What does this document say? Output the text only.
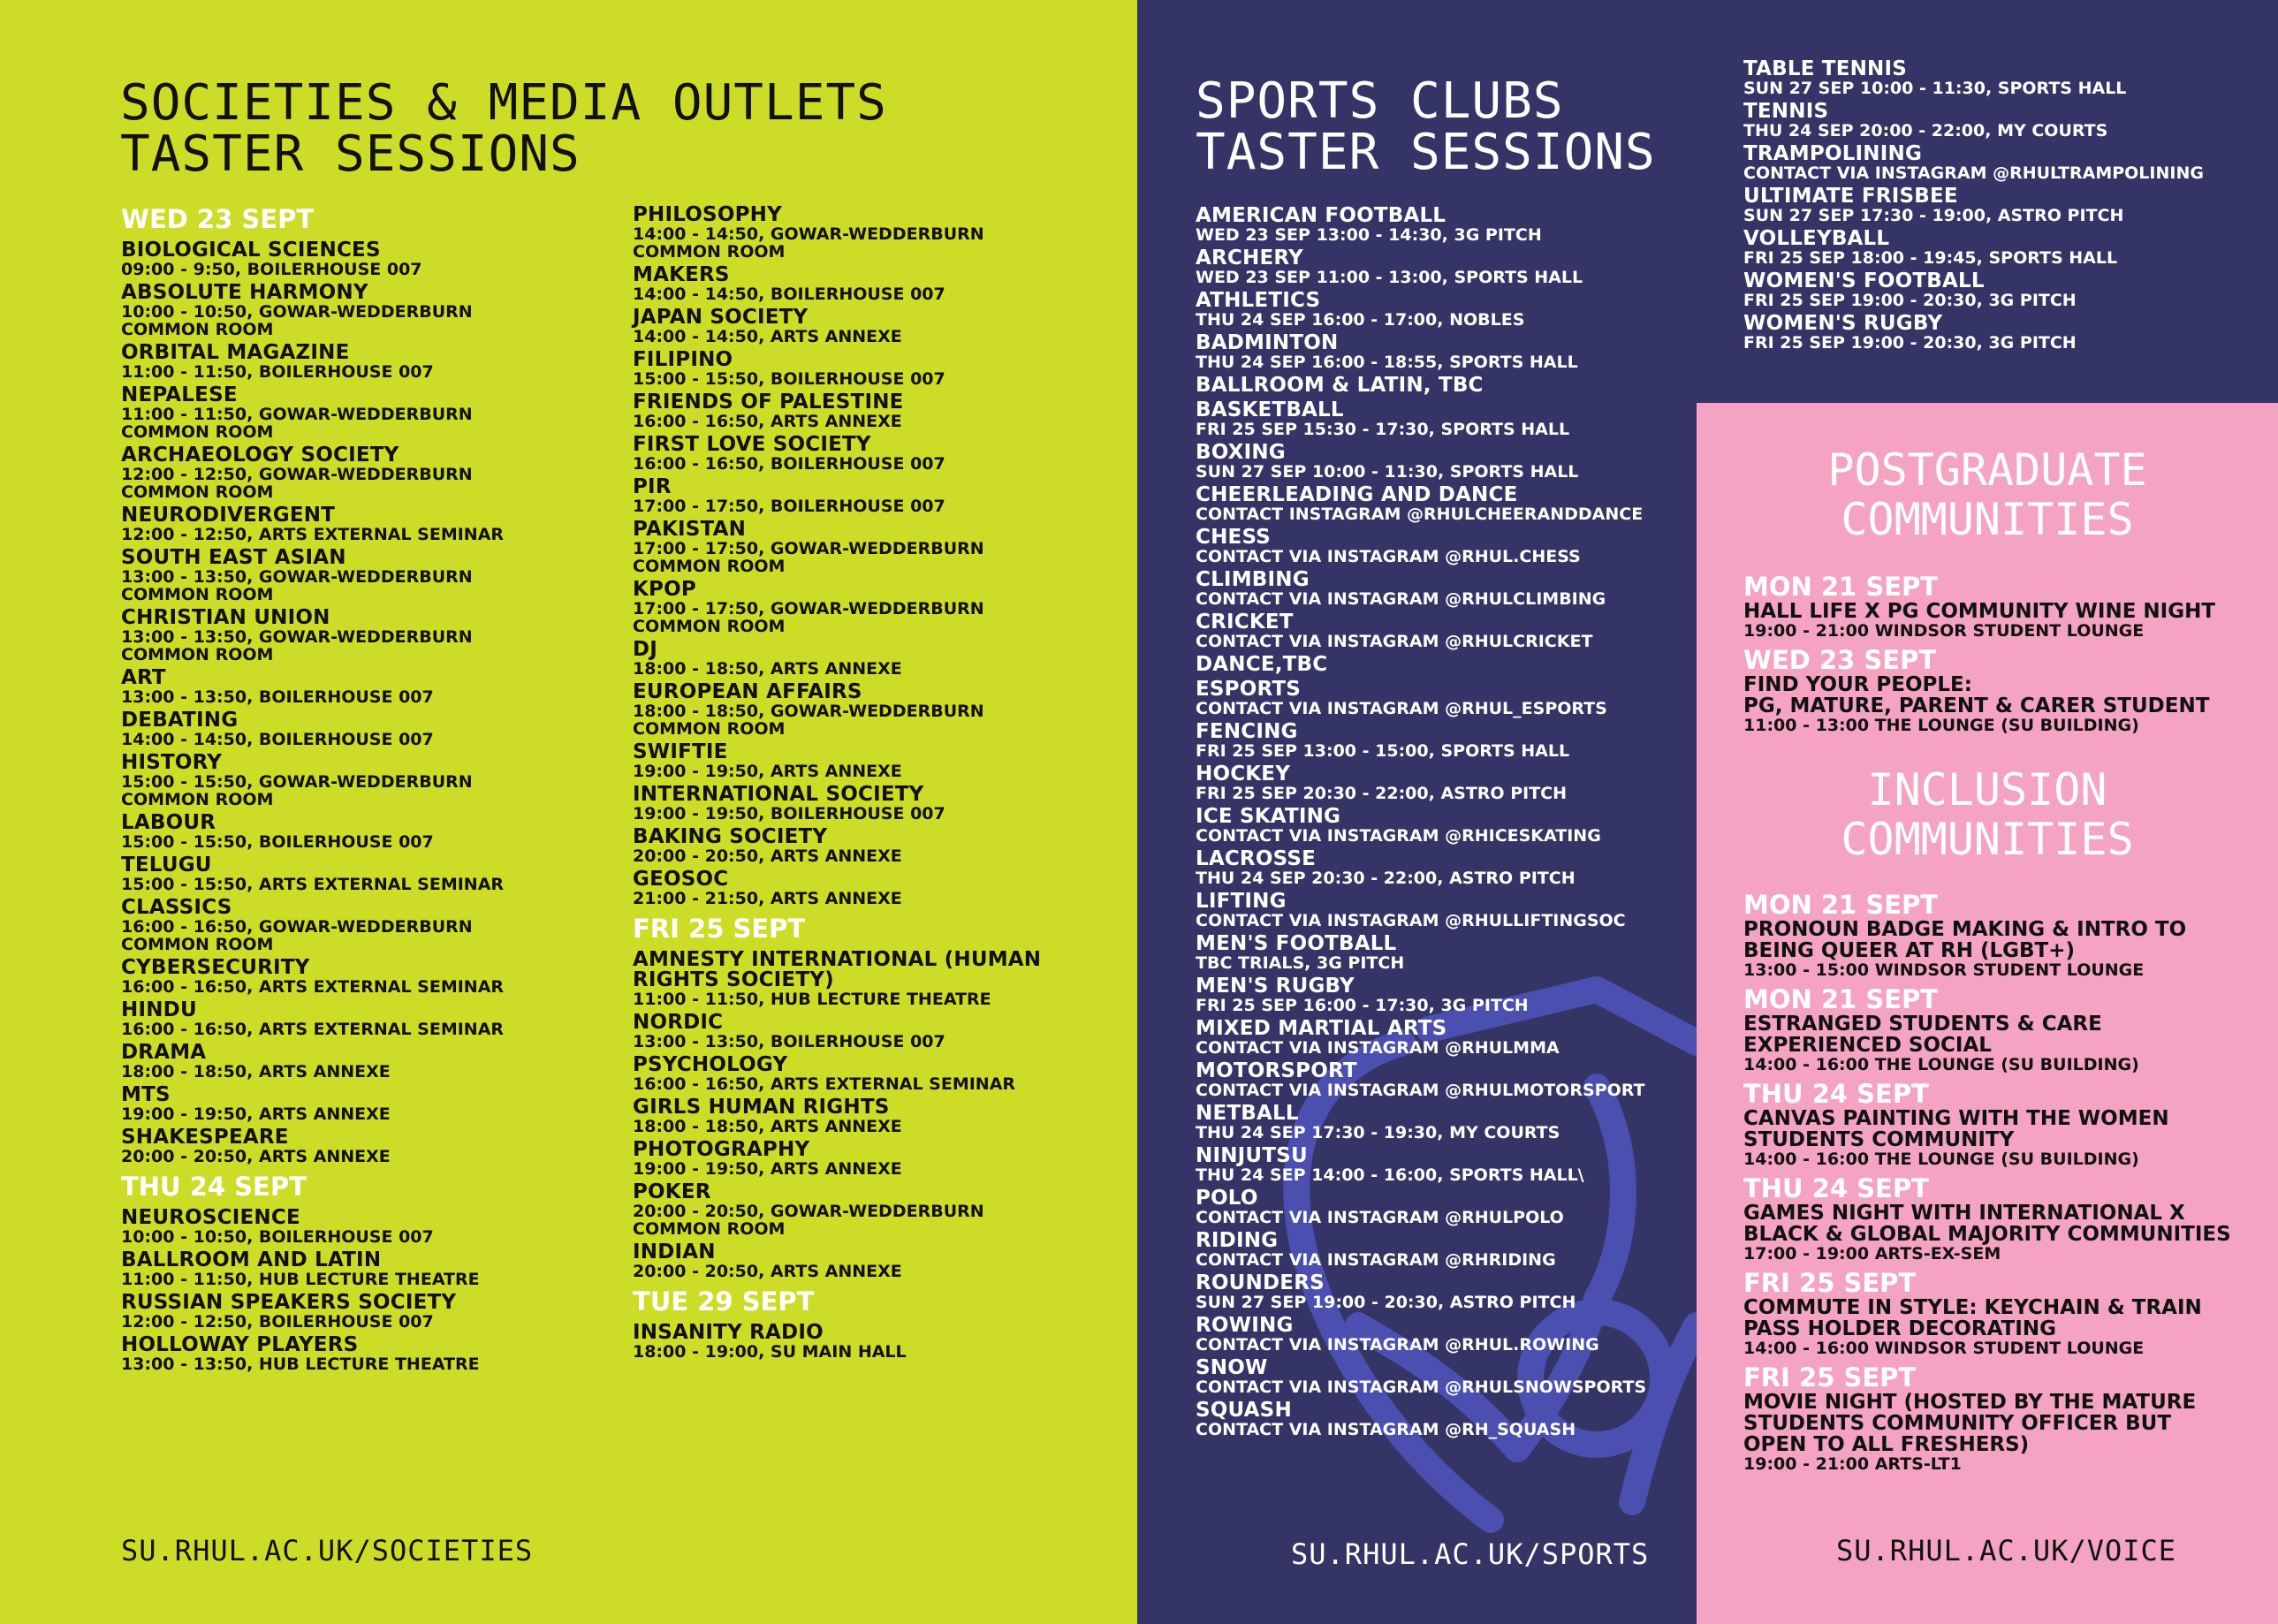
SOCIETIES & MEDIA OUTLETS
TASTER SESSIONS
WED 23 SEPT
BIOLOGICAL SCIENCES
09:00 - 9:50, BOILERHOUSE 007
ABSOLUTE HARMONY
10:00 - 10:50, GOWAR-WEDDERBURN
COMMON ROOM
ORBITAL MAGAZINE
11:00 - 11:50, BOILERHOUSE 007
NEPALESE
11:00 - 11:50, GOWAR-WEDDERBURN
COMMON ROOM
ARCHAEOLOGY SOCIETY
12:00 - 12:50, GOWAR-WEDDERBURN
COMMON ROOM
NEURODIVERGENT
12:00 - 12:50, ARTS EXTERNAL SEMINAR
SOUTH EAST ASIAN
13:00 - 13:50, GOWAR-WEDDERBURN
COMMON ROOM
CHRISTIAN UNION
13:00 - 13:50, GOWAR-WEDDERBURN
COMMON ROOM
ART
13:00 - 13:50, BOILERHOUSE 007
DEBATING
14:00 - 14:50, BOILERHOUSE 007
HISTORY
15:00 - 15:50, GOWAR-WEDDERBURN
COMMON ROOM
LABOUR
15:00 - 15:50, BOILERHOUSE 007
TELUGU
15:00 - 15:50, ARTS EXTERNAL SEMINAR
CLASSICS
16:00 - 16:50, GOWAR-WEDDERBURN
COMMON ROOM
CYBERSECURITY
16:00 - 16:50, ARTS EXTERNAL SEMINAR
HINDU
16:00 - 16:50, ARTS EXTERNAL SEMINAR
DRAMA
18:00 - 18:50, ARTS ANNEXE
MTS
19:00 - 19:50, ARTS ANNEXE
SHAKESPEARE
20:00 - 20:50, ARTS ANNEXE
THU 24 SEPT
NEUROSCIENCE
10:00 - 10:50, BOILERHOUSE 007
BALLROOM AND LATIN
11:00 - 11:50, HUB LECTURE THEATRE
RUSSIAN SPEAKERS SOCIETY
12:00 - 12:50, BOILERHOUSE 007
HOLLOWAY PLAYERS
13:00 - 13:50, HUB LECTURE THEATRE
PHILOSOPHY
14:00 - 14:50, GOWAR-WEDDERBURN
COMMON ROOM
MAKERS
14:00 - 14:50, BOILERHOUSE 007
JAPAN SOCIETY
14:00 - 14:50, ARTS ANNEXE
FILIPINO
15:00 - 15:50, BOILERHOUSE 007
FRIENDS OF PALESTINE
16:00 - 16:50, ARTS ANNEXE
FIRST LOVE SOCIETY
16:00 - 16:50, BOILERHOUSE 007
PIR
17:00 - 17:50, BOILERHOUSE 007
PAKISTAN
17:00 - 17:50, GOWAR-WEDDERBURN
COMMON ROOM
KPOP
17:00 - 17:50, GOWAR-WEDDERBURN
COMMON ROOM
DJ
18:00 - 18:50, ARTS ANNEXE
EUROPEAN AFFAIRS
18:00 - 18:50, GOWAR-WEDDERBURN
COMMON ROOM
SWIFTIE
19:00 - 19:50, ARTS ANNEXE
INTERNATIONAL SOCIETY
19:00 - 19:50, BOILERHOUSE 007
BAKING SOCIETY
20:00 - 20:50, ARTS ANNEXE
GEOSOC
21:00 - 21:50, ARTS ANNEXE
FRI 25 SEPT
AMNESTY INTERNATIONAL (HUMAN RIGHTS SOCIETY)
11:00 - 11:50, HUB LECTURE THEATRE
NORDIC
13:00 - 13:50, BOILERHOUSE 007
PSYCHOLOGY
16:00 - 16:50, ARTS EXTERNAL SEMINAR
GIRLS HUMAN RIGHTS
18:00 - 18:50, ARTS ANNEXE
PHOTOGRAPHY
19:00 - 19:50, ARTS ANNEXE
POKER
20:00 - 20:50, GOWAR-WEDDERBURN
COMMON ROOM
INDIAN
20:00 - 20:50, ARTS ANNEXE
TUE 29 SEPT
INSANITY RADIO
18:00 - 19:00, SU MAIN HALL
SU.RHUL.AC.UK/SOCIETIES
SPORTS CLUBS
TASTER SESSIONS
AMERICAN FOOTBALL
WED 23 SEP 13:00 - 14:30, 3G PITCH
ARCHERY
WED 23 SEP 11:00 - 13:00, SPORTS HALL
ATHLETICS
THU 24 SEP 16:00 - 17:00, NOBLES
BADMINTON
THU 24 SEP 16:00 - 18:55, SPORTS HALL
BALLROOM & LATIN, TBC
BASKETBALL
FRI 25 SEP 15:30 - 17:30, SPORTS HALL
BOXING
SUN 27 SEP 10:00 - 11:30, SPORTS HALL
CHEERLEADING AND DANCE
CONTACT INSTAGRAM @RHULCHEERANDDANCE
CHESS
CONTACT VIA INSTAGRAM @RHUL.CHESS
CLIMBING
CONTACT VIA INSTAGRAM @RHULCLIMBING
CRICKET
CONTACT VIA INSTAGRAM @RHULCRICKET
DANCE,TBC
ESPORTS
CONTACT VIA INSTAGRAM @RHUL_ESPORTS
FENCING
FRI 25 SEP 13:00 - 15:00, SPORTS HALL
HOCKEY
FRI 25 SEP 20:30 - 22:00, ASTRO PITCH
ICE SKATING
CONTACT VIA INSTAGRAM @RHICESKATING
LACROSSE
THU 24 SEP 20:30 - 22:00, ASTRO PITCH
LIFTING
CONTACT VIA INSTAGRAM @RHULLIFTINGSOC
MEN'S FOOTBALL
TBC TRIALS, 3G PITCH
MEN'S RUGBY
FRI 25 SEP 16:00 - 17:30, 3G PITCH
MIXED MARTIAL ARTS
CONTACT VIA INSTAGRAM @RHULMMA
MOTORSPORT
CONTACT VIA INSTAGRAM @RHULMOTORSPORT
NETBALL
THU 24 SEP 17:30 - 19:30, MY COURTS
NINJUTSU
THU 24 SEP 14:00 - 16:00, SPORTS HALL\
POLO
CONTACT VIA INSTAGRAM @RHULPOLO
RIDING
CONTACT VIA INSTAGRAM @RHRIDING
ROUNDERS
SUN 27 SEP 19:00 - 20:30, ASTRO PITCH
ROWING
CONTACT VIA INSTAGRAM @RHUL.ROWING
SNOW
CONTACT VIA INSTAGRAM @RHULSNOWSPORTS
SQUASH
CONTACT VIA INSTAGRAM @RH_SQUASH
SU.RHUL.AC.UK/SPORTS
TABLE TENNIS
SUN 27 SEP 10:00 - 11:30, SPORTS HALL
TENNIS
THU 24 SEP 20:00 - 22:00, MY COURTS
TRAMPOLINING
CONTACT VIA INSTAGRAM @RHULTRAMPOLINING
ULTIMATE FRISBEE
SUN 27 SEP 17:30 - 19:00, ASTRO PITCH
VOLLEYBALL
FRI 25 SEP 18:00 - 19:45, SPORTS HALL
WOMEN'S FOOTBALL
FRI 25 SEP 19:00 - 20:30, 3G PITCH
WOMEN'S RUGBY
FRI 25 SEP 19:00 - 20:30, 3G PITCH
POSTGRADUATE
COMMUNITIES
MON 21 SEPT
HALL LIFE X PG COMMUNITY WINE NIGHT
19:00 - 21:00 WINDSOR STUDENT LOUNGE
WED 23 SEPT
FIND YOUR PEOPLE:
PG, MATURE, PARENT & CARER STUDENT
11:00 - 13:00 THE LOUNGE (SU BUILDING)
INCLUSION
COMMUNITIES
MON 21 SEPT
PRONOUN BADGE MAKING & INTRO TO
BEING QUEER AT RH (LGBT+)
13:00 - 15:00 WINDSOR STUDENT LOUNGE
MON 21 SEPT
ESTRANGED STUDENTS & CARE
EXPERIENCED SOCIAL
14:00 - 16:00 THE LOUNGE (SU BUILDING)
THU 24 SEPT
CANVAS PAINTING WITH THE WOMEN
STUDENTS COMMUNITY
14:00 - 16:00 THE LOUNGE (SU BUILDING)
THU 24 SEPT
GAMES NIGHT WITH INTERNATIONAL X
BLACK & GLOBAL MAJORITY COMMUNITIES
17:00 - 19:00 ARTS-EX-SEM
FRI 25 SEPT
COMMUTE IN STYLE: KEYCHAIN & TRAIN
PASS HOLDER DECORATING
14:00 - 16:00 WINDSOR STUDENT LOUNGE
FRI 25 SEPT
MOVIE NIGHT (HOSTED BY THE MATURE
STUDENTS COMMUNITY OFFICER BUT
OPEN TO ALL FRESHERS)
19:00 - 21:00 ARTS-LT1
SU.RHUL.AC.UK/VOICE
